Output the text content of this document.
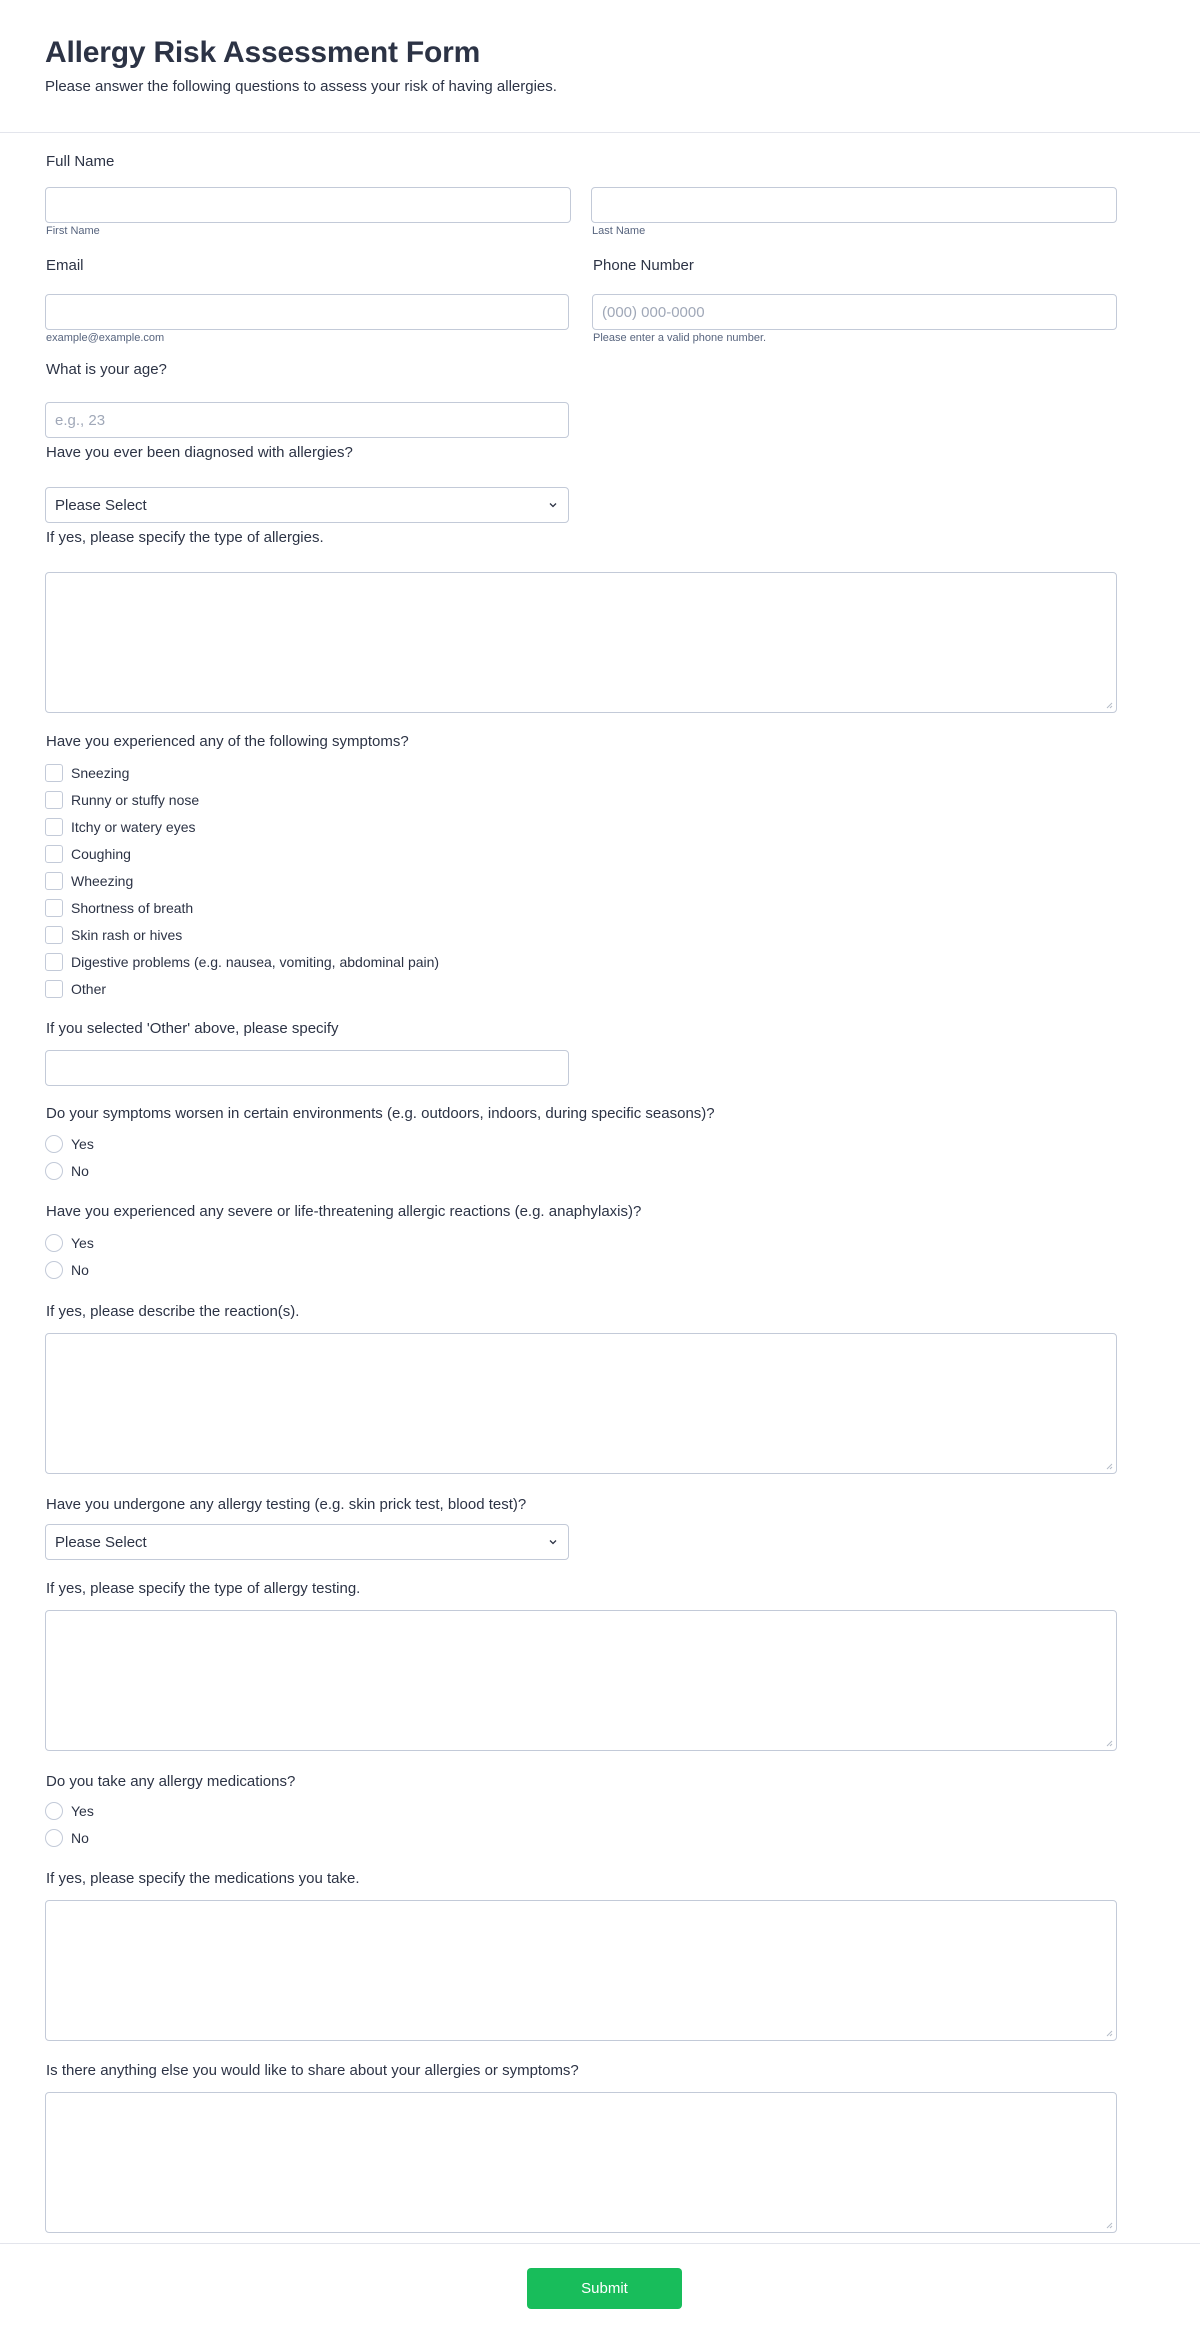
Allergy Risk Assessment Form

Please answer the following questions to assess your risk of having allergies.

Full Name
First Name	Last Name
Email
example@example.com
Phone Number
(000) 000-0000
Please enter a valid phone number.
What is your age?
e.g., 23
Have you ever been diagnosed with allergies?
Please Select
If yes, please specify the type of allergies.
Have you experienced any of the following symptoms?
Sneezing
Runny or stuffy nose
Itchy or watery eyes
Coughing
Wheezing
Shortness of breath
Skin rash or hives
Digestive problems (e.g. nausea, vomiting, abdominal pain)
Other
If you selected 'Other' above, please specify
Do your symptoms worsen in certain environments (e.g. outdoors, indoors, during specific seasons)?
Yes
No
Have you experienced any severe or life-threatening allergic reactions (e.g. anaphylaxis)?
Yes
No
If yes, please describe the reaction(s).
Have you undergone any allergy testing (e.g. skin prick test, blood test)?
Please Select
If yes, please specify the type of allergy testing.
Do you take any allergy medications?
Yes
No
If yes, please specify the medications you take.
Is there anything else you would like to share about your allergies or symptoms?
Submit
